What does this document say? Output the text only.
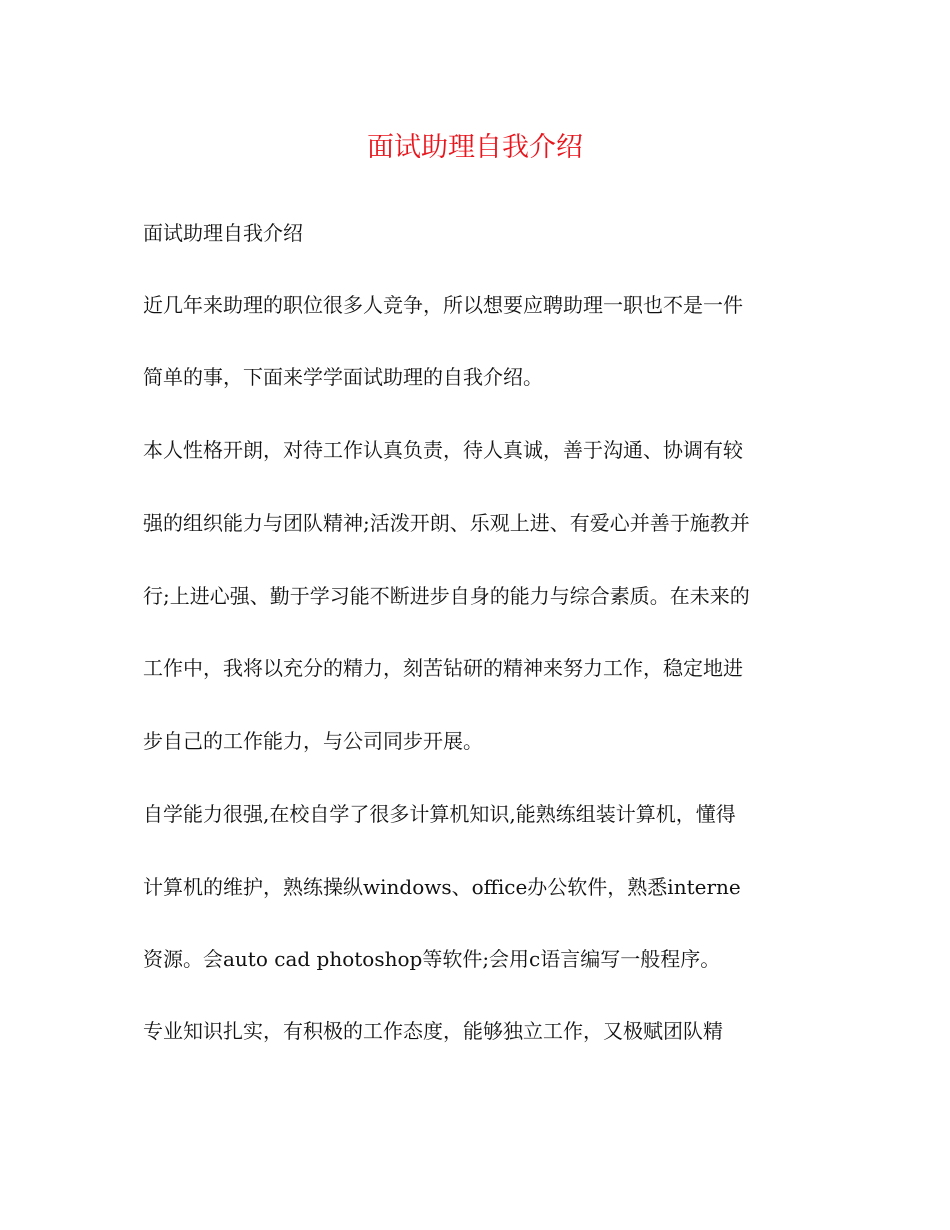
面试助理自我介绍
面试助理自我介绍
近几年来助理的职位很多人竞争，所以想要应聘助理一职也不是一件
简单的事，下面来学学面试助理的自我介绍。
本人性格开朗，对待工作认真负责，待人真诚，善于沟通、协调有较
强的组织能力与团队精神;活泼开朗、乐观上进、有爱心并善于施教并
行;上进心强、勤于学习能不断进步自身的能力与综合素质。在未来的
工作中，我将以充分的精力，刻苦钻研的精神来努力工作，稳定地进
步自己的工作能力，与公司同步开展。
自学能力很强,在校自学了很多计算机知识,能熟练组装计算机，懂得
计算机的维护，熟练操纵windows、office办公软件，熟悉interne
资源。会auto cad photoshop等软件;会用c语言编写一般程序。
专业知识扎实，有积极的工作态度，能够独立工作，又极赋团队精
